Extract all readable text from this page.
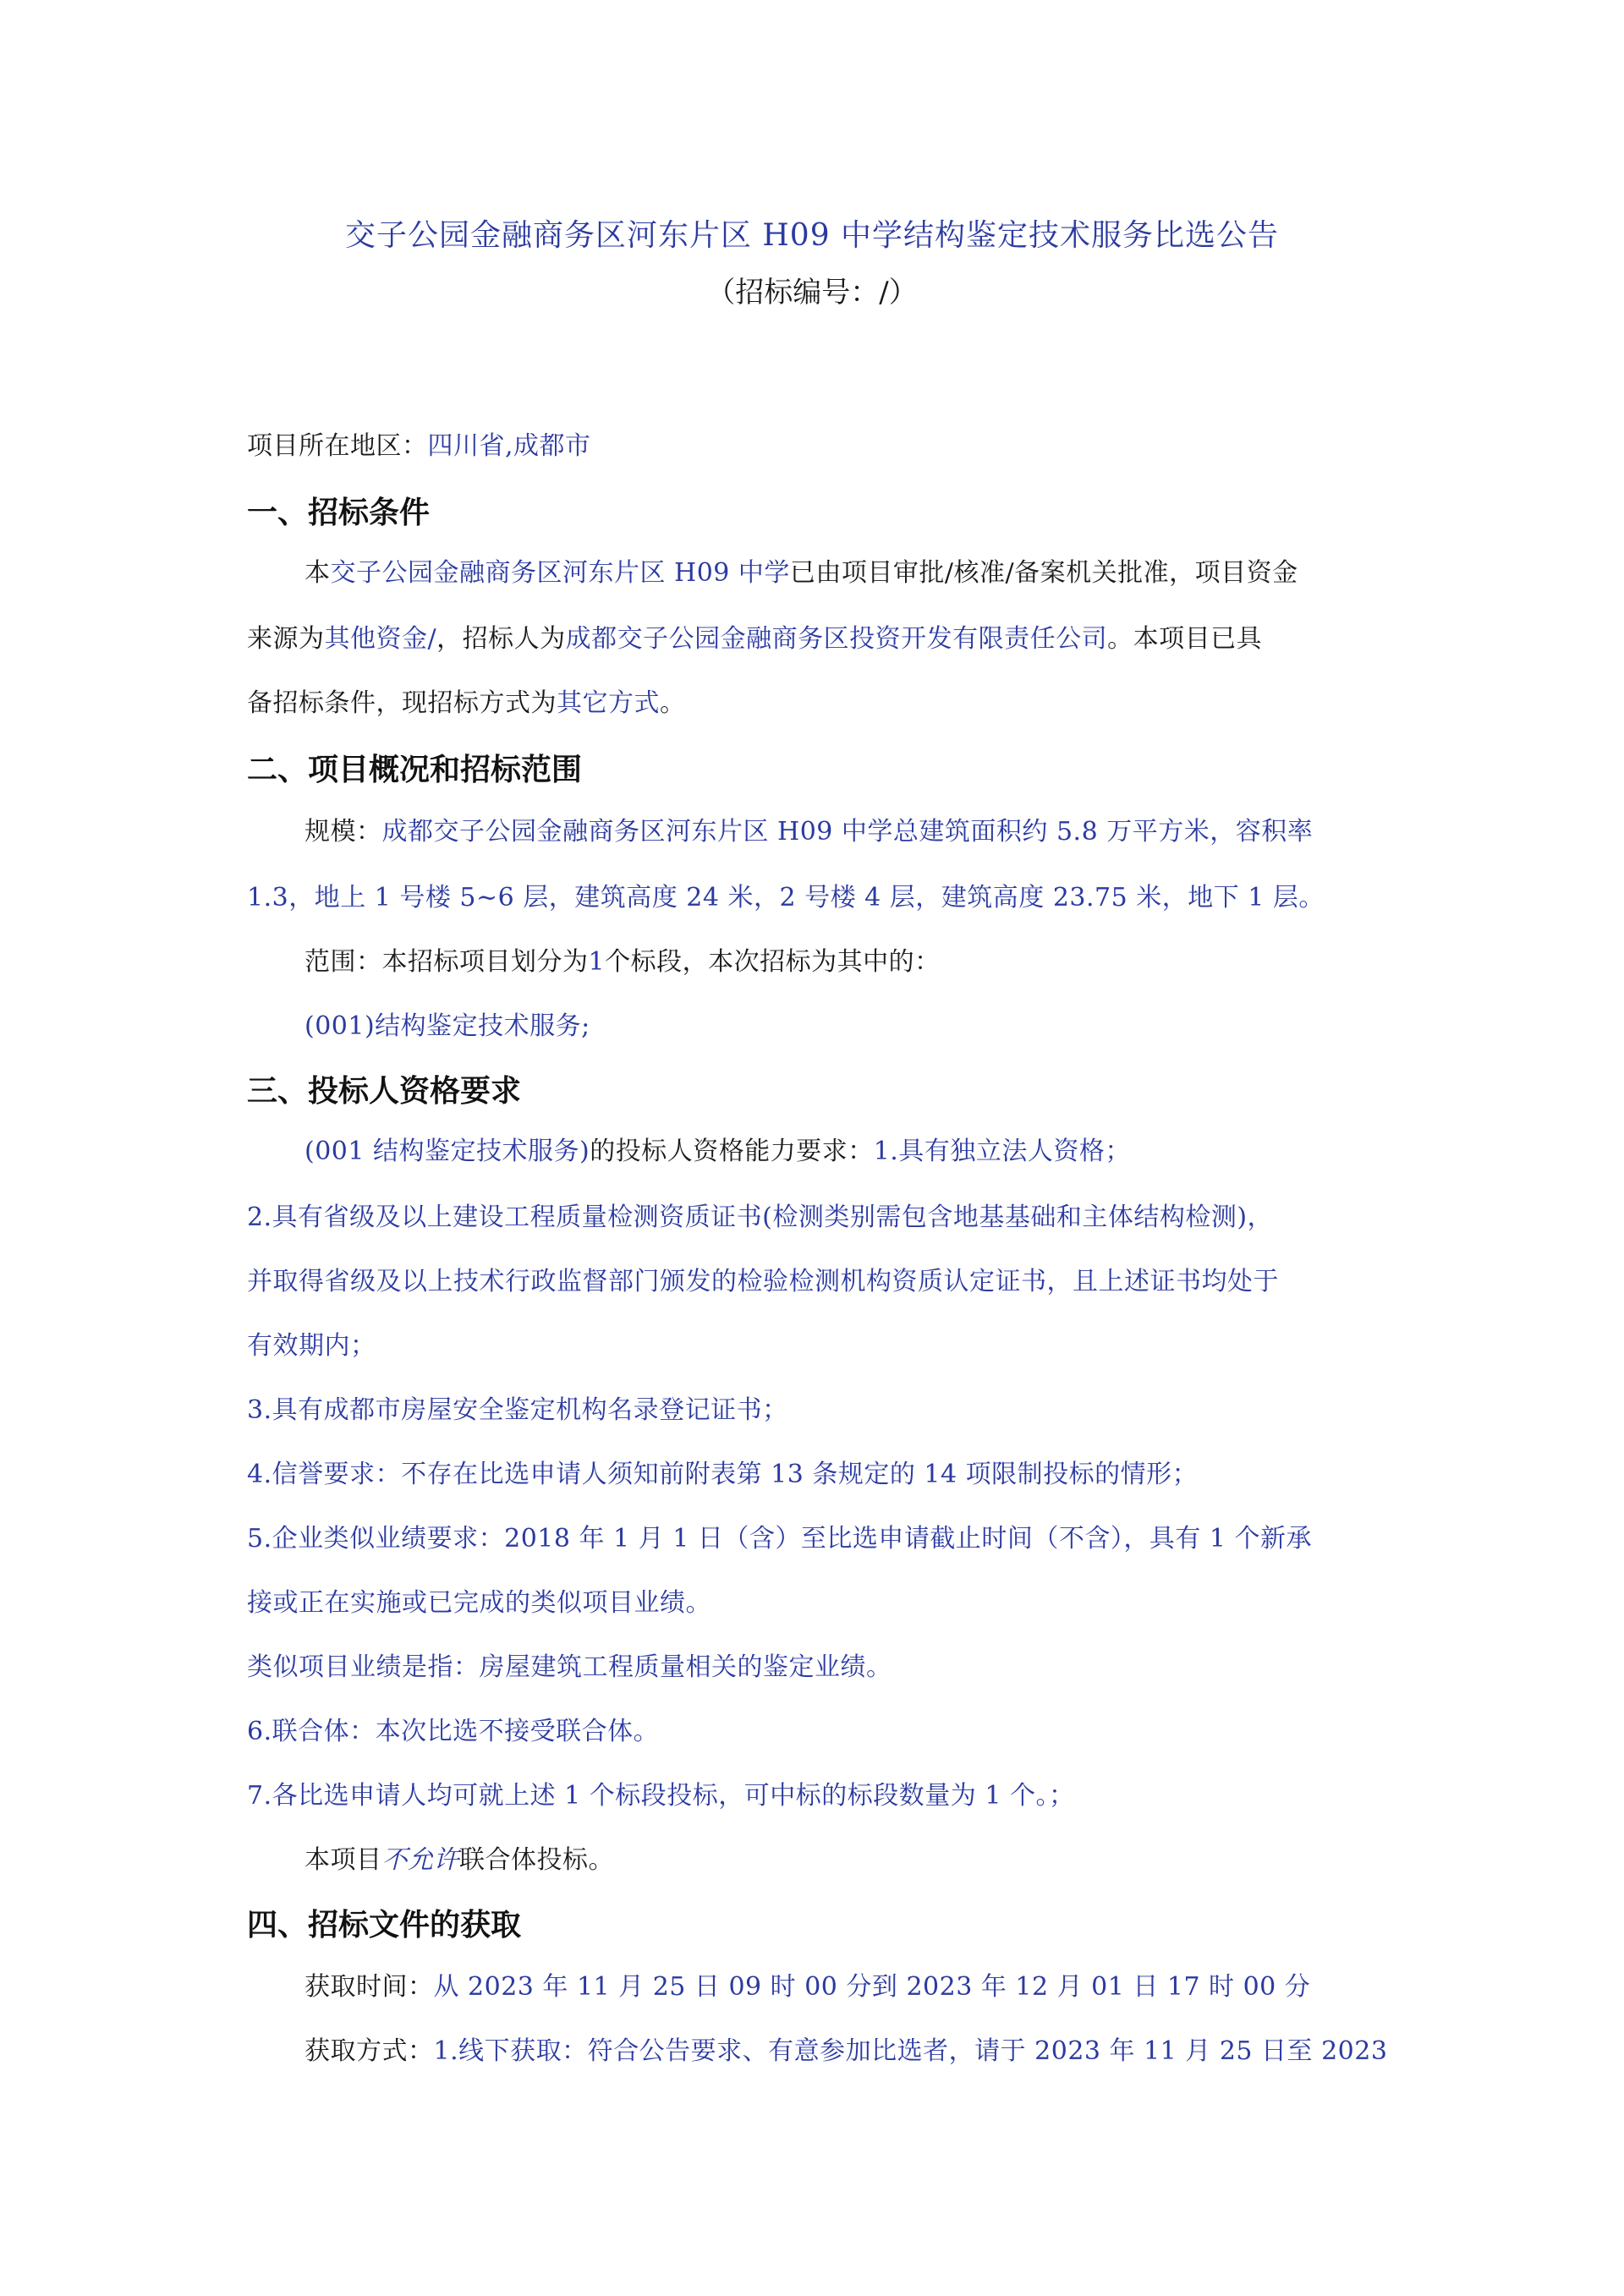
交子公园金融商务区河东片区 H09 中学结构鉴定技术服务比选公告
（招标编号：/）
项目所在地区：四川省,成都市
一、招标条件
本交子公园金融商务区河东片区 H09 中学已由项目审批/核准/备案机关批准，项目资金
来源为其他资金/，招标人为成都交子公园金融商务区投资开发有限责任公司。本项目已具
备招标条件，现招标方式为其它方式。
二、项目概况和招标范围
规模：成都交子公园金融商务区河东片区 H09 中学总建筑面积约 5.8 万平方米，容积率
1.3，地上 1 号楼 5~6 层，建筑高度 24 米，2 号楼 4 层，建筑高度 23.75 米，地下 1 层。
范围：本招标项目划分为1个标段，本次招标为其中的：
(001)结构鉴定技术服务;
三、投标人资格要求
(001 结构鉴定技术服务)的投标人资格能力要求：1.具有独立法人资格；
2.具有省级及以上建设工程质量检测资质证书(检测类别需包含地基基础和主体结构检测)，
并取得省级及以上技术行政监督部门颁发的检验检测机构资质认定证书，且上述证书均处于
有效期内；
3.具有成都市房屋安全鉴定机构名录登记证书；
4.信誉要求：不存在比选申请人须知前附表第 13 条规定的 14 项限制投标的情形；
5.企业类似业绩要求：2018 年 1 月 1 日（含）至比选申请截止时间（不含），具有 1 个新承
接或正在实施或已完成的类似项目业绩。
类似项目业绩是指：房屋建筑工程质量相关的鉴定业绩。
6.联合体：本次比选不接受联合体。
7.各比选申请人均可就上述 1 个标段投标，可中标的标段数量为 1 个。；
本项目不允许联合体投标。
四、招标文件的获取
获取时间：从 2023 年 11 月 25 日 09 时 00 分到 2023 年 12 月 01 日 17 时 00 分
获取方式：1.线下获取：符合公告要求、有意参加比选者，请于 2023 年 11 月 25 日至 2023
